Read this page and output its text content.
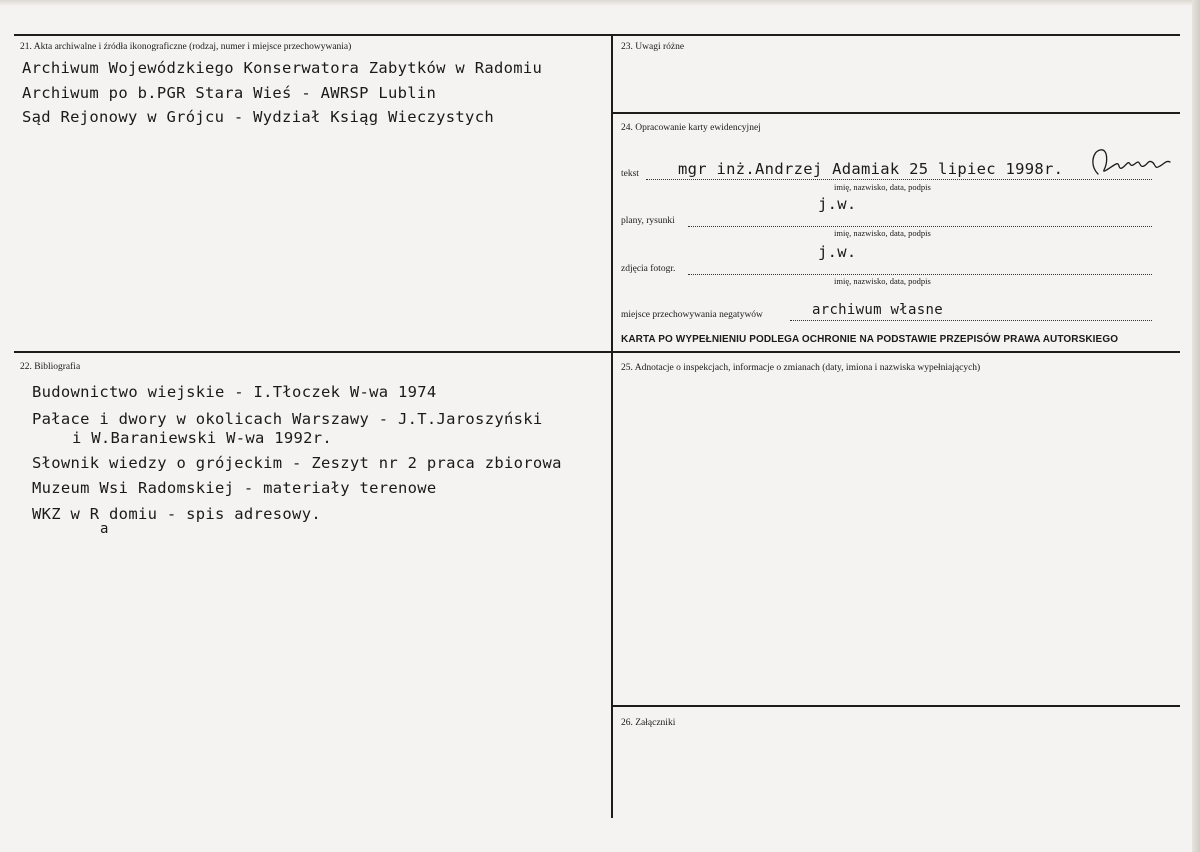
21. Akta archiwalne i źródła ikonograficzne (rodzaj, numer i miejsce przechowywania)
Archiwum Wojewódzkiego Konserwatora Zabytków w Radomiu
Archiwum po b.PGR Stara Wieś - AWRSP Lublin
Sąd Rejonowy w Grójcu - Wydział Ksiąg Wieczystych
22. Bibliografia
Budownictwo wiejskie - I.Tłoczek W-wa 1974
Pałace i dwory w okolicach Warszawy - J.T.Jaroszyński
i W.Baraniewski W-wa 1992r.
Słownik wiedzy o grójeckim - Zeszyt nr 2 praca zbiorowa
Muzeum Wsi Radomskiej - materiały terenowe
WKZ w R domiu - spis adresowy.
a
23. Uwagi różne
24. Opracowanie karty ewidencyjnej
tekst	mgr inż.Andrzej Adamiak 25 lipiec 1998r.
imię, nazwisko, data, podpis
j.w.
plany, rysunki
imię, nazwisko, data, podpis
j.w.
zdjęcia fotogr.
imię, nazwisko, data, podpis
miejsce przechowywania negatywów	archiwum własne
KARTA PO WYPEŁNIENIU PODLEGA OCHRONIE NA PODSTAWIE PRZEPISÓW PRAWA AUTORSKIEGO
25. Adnotacje o inspekcjach, informacje o zmianach (daty, imiona i nazwiska wypełniających)
26. Załączniki
